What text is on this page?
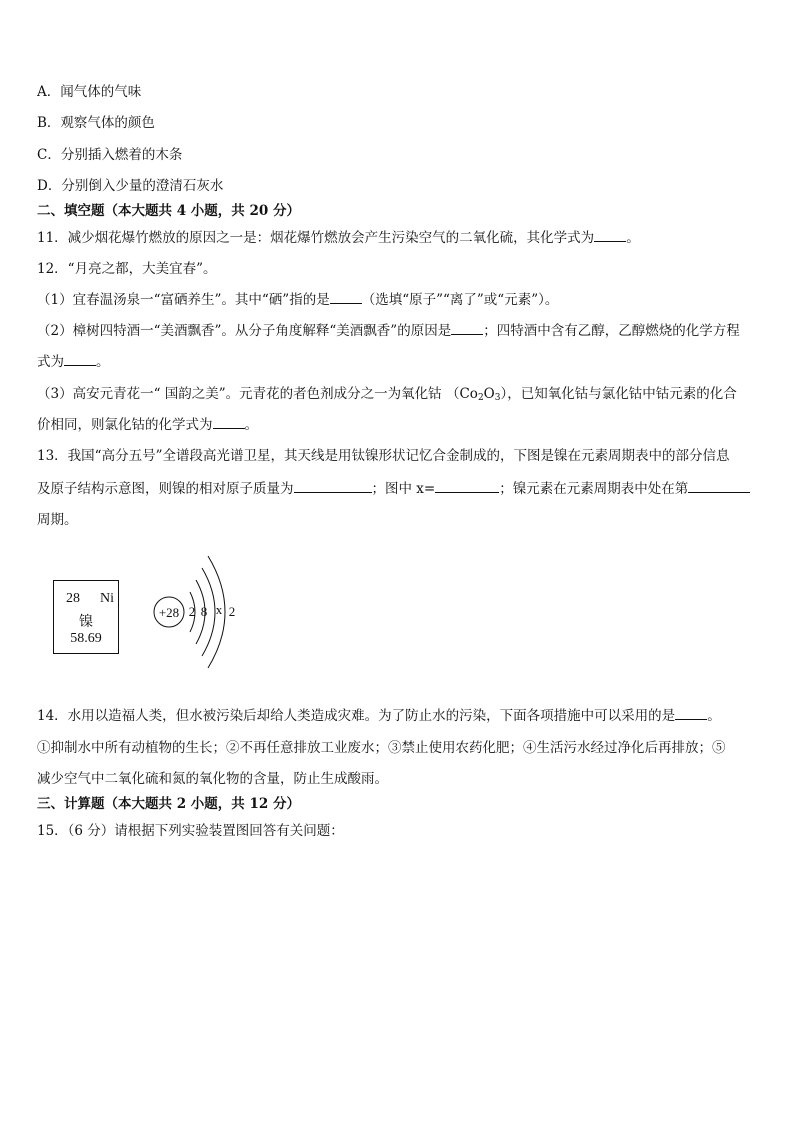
A．闻气体的气味
B．观察气体的颜色
C．分别插入燃着的木条
D．分别倒入少量的澄清石灰水
二、填空题（本大题共 4 小题，共 20 分）
11．减少烟花爆竹燃放的原因之一是：烟花爆竹燃放会产生污染空气的二氧化硫，其化学式为 。
12．“月亮之都，大美宜春”。
（1）宜春温汤泉一“富硒养生”。其中“硒”指的是 （选填“原子”“离了”或“元素”）。
（2）樟树四特酒一“美酒飘香”。从分子角度解释“美酒飘香”的原因是 ；四特酒中含有乙醇，乙醇燃烧的化学方程
式为 。
（3）高安元青花一“ 国韵之美”。元青花的者色剂成分之一为氧化钴 $(Co_2O_3)$，已知氧化钴与氯化钴中钴元素的化合
价相同，则氯化钴的化学式为 。
13．我国“高分五号”全谱段高光谱卫星，其天线是用钛镍形状记忆合金制成的，下图是镍在元素周期表中的部分信息
及原子结构示意图，则镍的相对原子质量为	；图中 x=	；镍元素在元素周期表中处在第
周期。
28 Ni
镍
58.69
+28 2 8 x 2
14．水用以造福人类，但水被污染后却给人类造成灾难。为了防止水的污染，下面各项措施中可以采用的是 。
①抑制水中所有动植物的生长；②不再任意排放工业废水；③禁止使用农药化肥；④生活污水经过净化后再排放；⑤
减少空气中二氧化硫和氮的氧化物的含量，防止生成酸雨。
三、计算题（本大题共 2 小题，共 12 分）
15．（6 分）请根据下列实验装置图回答有关问题：
